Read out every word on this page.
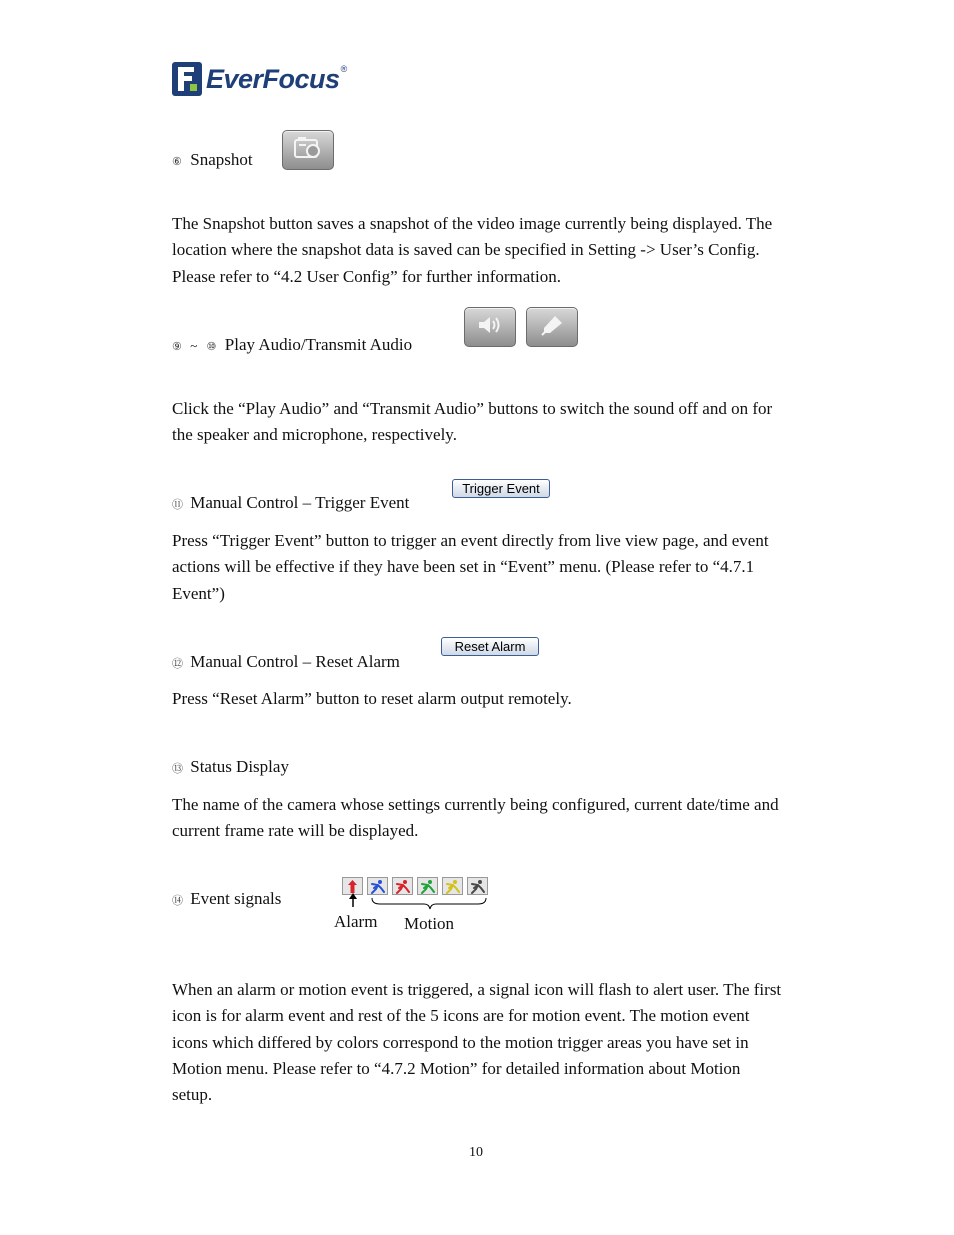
EverFocus ®
⑥ Snapshot

The Snapshot button saves a snapshot of the video image currently being displayed. The location where the snapshot data is saved can be specified in Setting -> User’s Config. Please refer to “4.2 User Config” for further information.

⑨ ~ ⑩ Play Audio/Transmit Audio

Click the “Play Audio” and “Transmit Audio” buttons to switch the sound off and on for the speaker and microphone, respectively.

⑪ Manual Control – Trigger Event
Trigger Event

Press “Trigger Event” button to trigger an event directly from live view page, and event actions will be effective if they have been set in “Event” menu. (Please refer to “4.7.1 Event”)

⑫ Manual Control – Reset Alarm
Reset Alarm

Press “Reset Alarm” button to reset alarm output remotely.

⑬ Status Display

The name of the camera whose settings currently being configured, current date/time and current frame rate will be displayed.

⑭ Event signals
Alarm Motion

When an alarm or motion event is triggered, a signal icon will flash to alert user. The first icon is for alarm event and rest of the 5 icons are for motion event. The motion event icons which differed by colors correspond to the motion trigger areas you have set in Motion menu. Please refer to “4.7.2 Motion” for detailed information about Motion setup.

10
